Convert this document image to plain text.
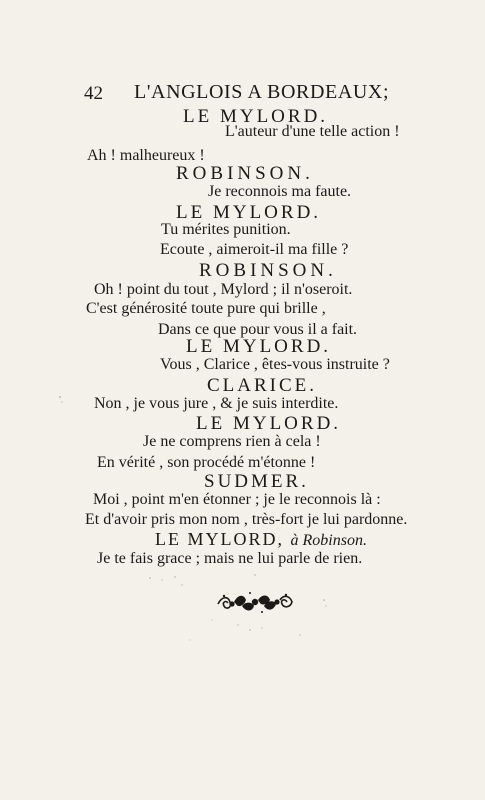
42 L'ANGLOIS A BORDEAUX;
LE MYLORD.
L'auteur d'une telle action !
Ah ! malheureux !
ROBINSON.
Je reconnois ma faute.
LE MYLORD.
Tu mérites punition.
Ecoute , aimeroit-il ma fille ?
ROBINSON.
Oh ! point du tout , Mylord ; il n'oseroit.
C'est générosité toute pure qui brille ,
Dans ce que pour vous il a fait.
LE MYLORD.
Vous , Clarice , êtes-vous instruite ?
CLARICE.
Non , je vous jure , & je suis interdite.
LE MYLORD.
Je ne comprens rien à cela !
En vérité , son procédé m'étonne !
SUDMER.
Moi , point m'en étonner ; je le reconnois là :
Et d'avoir pris mon nom , très-fort je lui pardonne.
LE MYLORD, à Robinson.
Je te fais grace ; mais ne lui parle de rien.
